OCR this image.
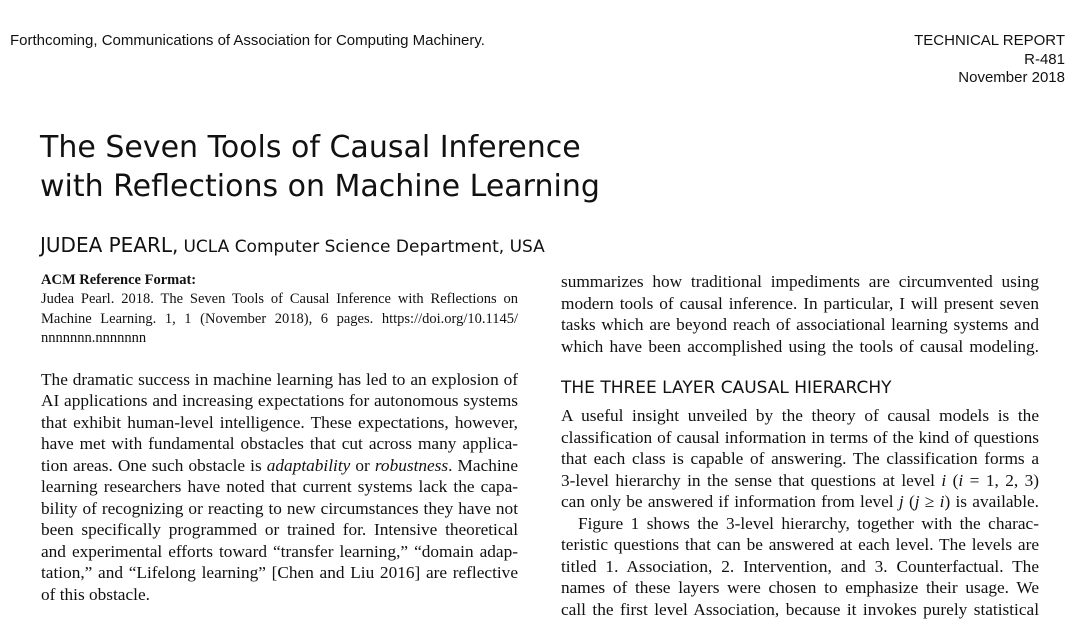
Forthcoming, Communications of Association for Computing Machinery.	TECHNICAL REPORT
R-481
November 2018
The Seven Tools of Causal Inference
with Reflections on Machine Learning
JUDEA PEARL, UCLA Computer Science Department, USA
ACM Reference Format:
Judea Pearl. 2018. The Seven Tools of Causal Inference with Reflections on
Machine Learning. 1, 1 (November 2018), 6 pages. https://doi.org/10.1145/
nnnnnnn.nnnnnnn

The dramatic success in machine learning has led to an explosion of
AI applications and increasing expectations for autonomous systems
that exhibit human-level intelligence. These expectations, however,
have met with fundamental obstacles that cut across many applica-
tion areas. One such obstacle is adaptability or robustness. Machine
learning researchers have noted that current systems lack the capa-
bility of recognizing or reacting to new circumstances they have not
been specifically programmed or trained for. Intensive theoretical
and experimental efforts toward “transfer learning,” “domain adap-
tation,” and “Lifelong learning” [Chen and Liu 2016] are reflective
of this obstacle.

summarizes how traditional impediments are circumvented using
modern tools of causal inference. In particular, I will present seven
tasks which are beyond reach of associational learning systems and
which have been accomplished using the tools of causal modeling.

THE THREE LAYER CAUSAL HIERARCHY

A useful insight unveiled by the theory of causal models is the
classification of causal information in terms of the kind of questions
that each class is capable of answering. The classification forms a
3-level hierarchy in the sense that questions at level i (i = 1, 2, 3)
can only be answered if information from level j (j ≥ i) is available.

Figure 1 shows the 3-level hierarchy, together with the charac-
teristic questions that can be answered at each level. The levels are
titled 1. Association, 2. Intervention, and 3. Counterfactual. The
names of these layers were chosen to emphasize their usage. We
call the first level Association, because it invokes purely statistical
